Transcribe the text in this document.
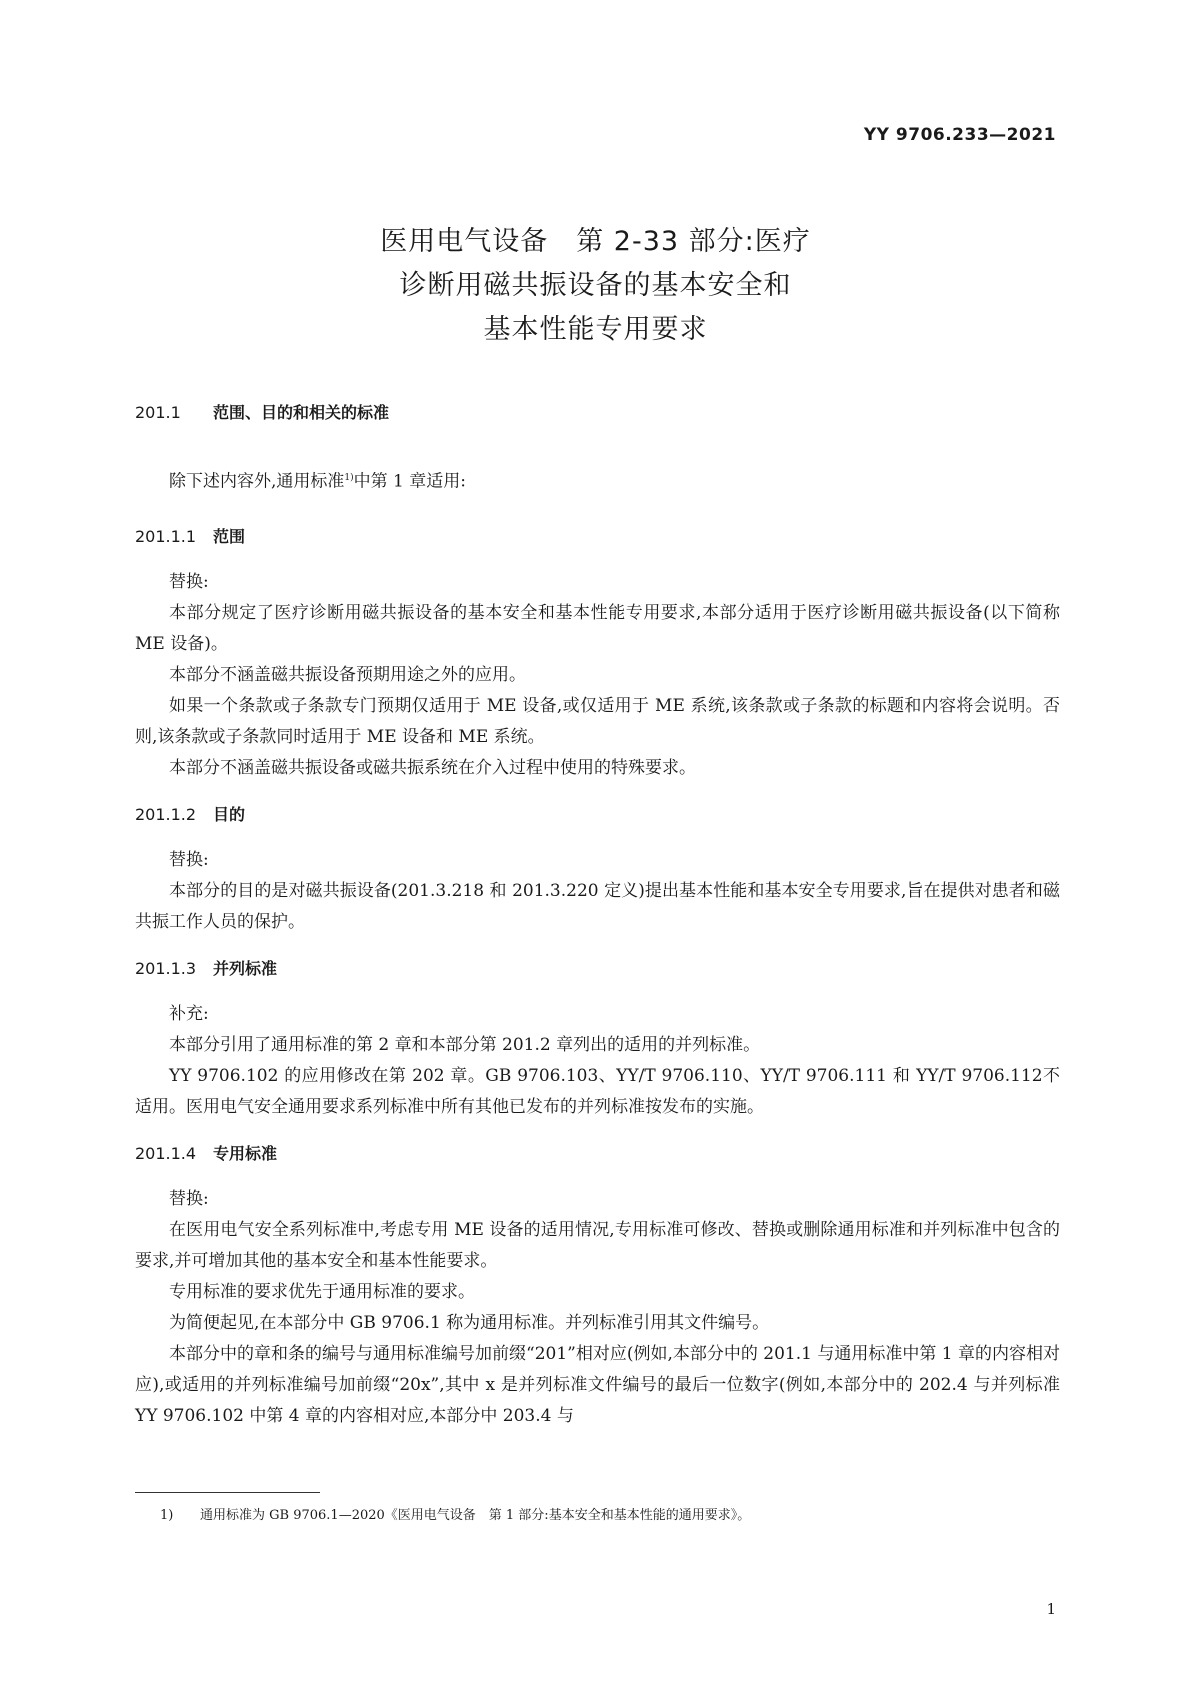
YY 9706.233—2021
医用电气设备　第 2-33 部分:医疗
诊断用磁共振设备的基本安全和
基本性能专用要求

201.1 范围、目的和相关的标准

除下述内容外,通用标准$^{1)}$中第 1 章适用:

201.1.1 范围

替换:

本部分规定了医疗诊断用磁共振设备的基本安全和基本性能专用要求,本部分适用于医疗诊断用磁共振设备(以下简称 ME 设备)。

本部分不涵盖磁共振设备预期用途之外的应用。

如果一个条款或子条款专门预期仅适用于 ME 设备,或仅适用于 ME 系统,该条款或子条款的标题和内容将会说明。否则,该条款或子条款同时适用于 ME 设备和 ME 系统。

本部分不涵盖磁共振设备或磁共振系统在介入过程中使用的特殊要求。

201.1.2 目的

替换:

本部分的目的是对磁共振设备(201.3.218 和 201.3.220 定义)提出基本性能和基本安全专用要求,旨在提供对患者和磁共振工作人员的保护。

201.1.3 并列标准

补充:

本部分引用了通用标准的第 2 章和本部分第 201.2 章列出的适用的并列标准。

YY 9706.102 的应用修改在第 202 章。GB 9706.103、YY/T 9706.110、YY/T 9706.111 和 YY/T 9706.112不适用。医用电气安全通用要求系列标准中所有其他已发布的并列标准按发布的实施。

201.1.4 专用标准

替换:

在医用电气安全系列标准中,考虑专用 ME 设备的适用情况,专用标准可修改、替换或删除通用标准和并列标准中包含的要求,并可增加其他的基本安全和基本性能要求。

专用标准的要求优先于通用标准的要求。

为简便起见,在本部分中 GB 9706.1 称为通用标准。并列标准引用其文件编号。

本部分中的章和条的编号与通用标准编号加前缀“201”相对应(例如,本部分中的 201.1 与通用标准中第 1 章的内容相对应),或适用的并列标准编号加前缀“20x”,其中 x 是并列标准文件编号的最后一位数字(例如,本部分中的 202.4 与并列标准 YY 9706.102 中第 4 章的内容相对应,本部分中 203.4 与

1) 通用标准为 GB 9706.1—2020《医用电气设备　第 1 部分:基本安全和基本性能的通用要求》。
1
